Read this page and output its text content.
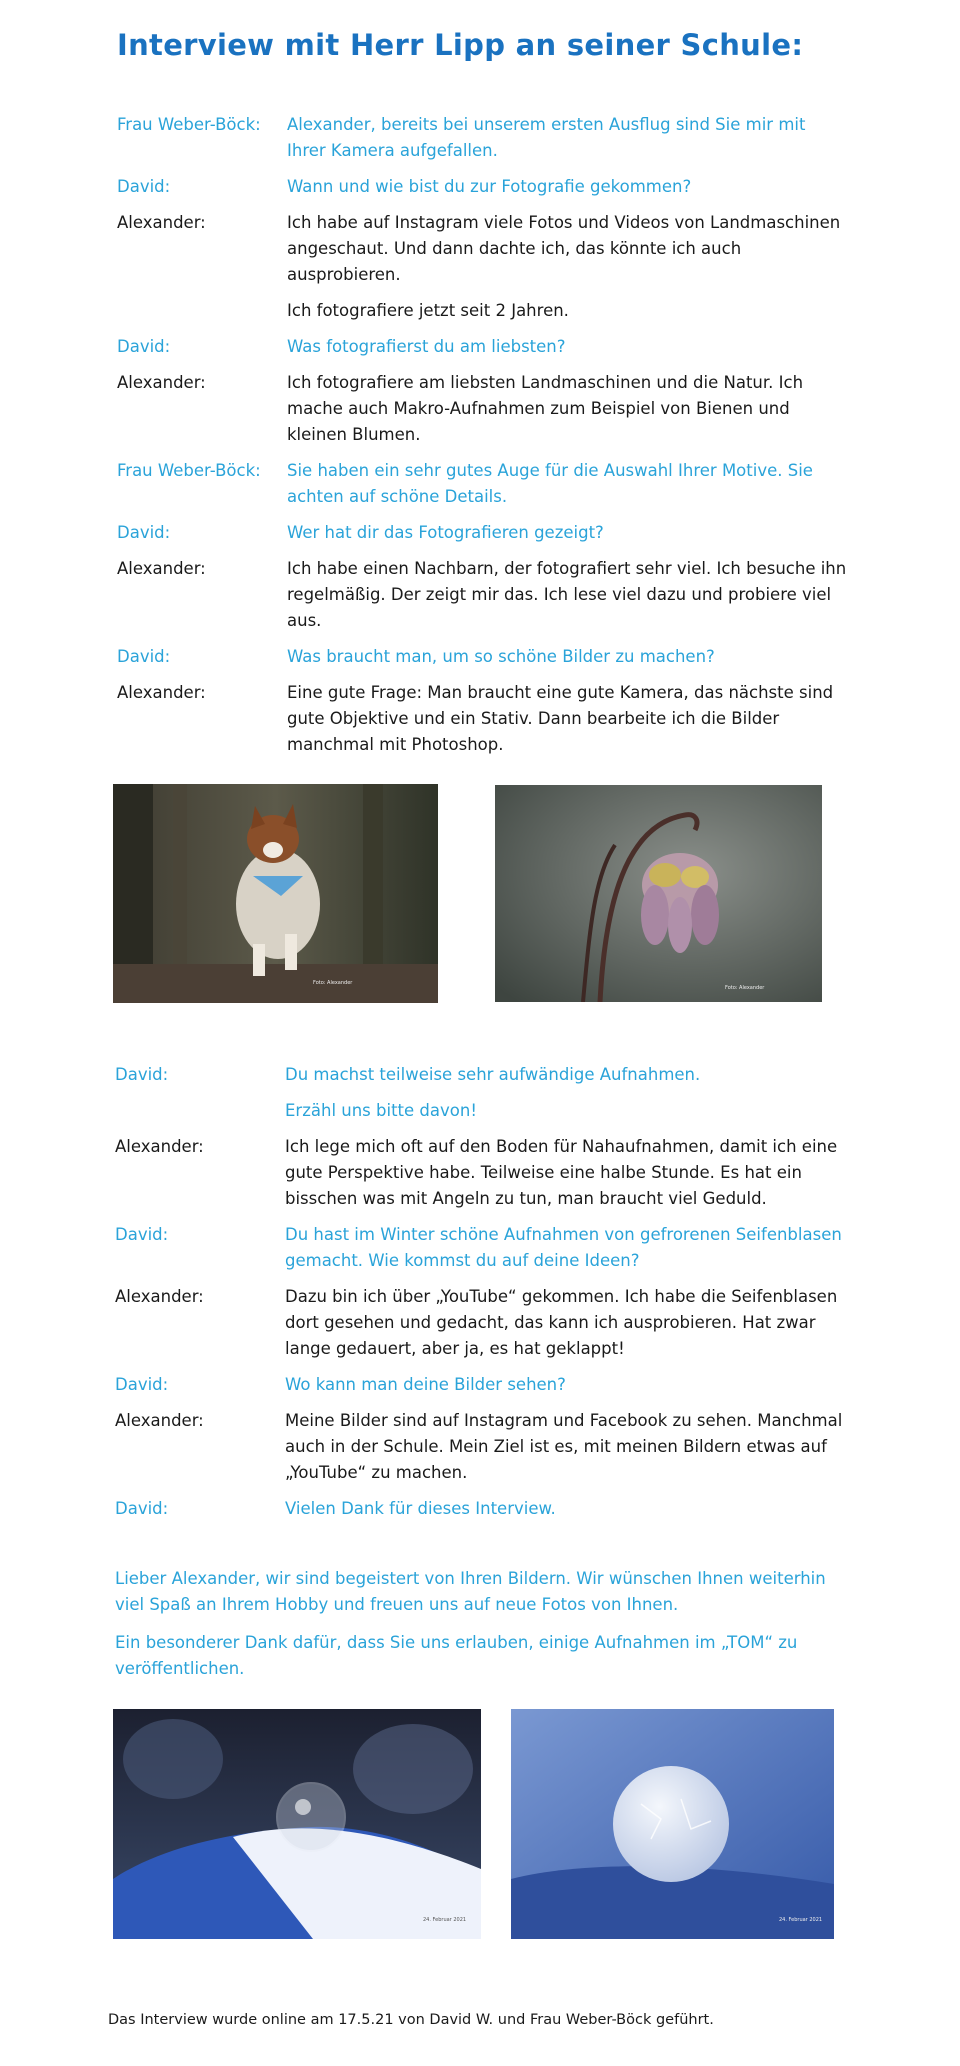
Interview mit Herr Lipp an seiner Schule:
Frau Weber-Böck:	Alexander, bereits bei unserem ersten Ausflug sind Sie mir mit Ihrer Kamera aufgefallen.
David:	Wann und wie bist du zur Fotografie gekommen?
Alexander:	Ich habe auf Instagram viele Fotos und Videos von Landmaschinen angeschaut. Und dann dachte ich, das könnte ich auch ausprobieren.
Ich fotografiere jetzt seit 2 Jahren.
David:	Was fotografierst du am liebsten?
Alexander:	Ich fotografiere am liebsten Landmaschinen und die Natur. Ich mache auch Makro-Aufnahmen zum Beispiel von Bienen und kleinen Blumen.
Frau Weber-Böck:	Sie haben ein sehr gutes Auge für die Auswahl Ihrer Motive. Sie achten auf schöne Details.
David:	Wer hat dir das Fotografieren gezeigt?
Alexander:	Ich habe einen Nachbarn, der fotografiert sehr viel. Ich besuche ihn regelmäßig. Der zeigt mir das. Ich lese viel dazu und probiere viel aus.
David:	Was braucht man, um so schöne Bilder zu machen?
Alexander:	Eine gute Frage: Man braucht eine gute Kamera, das nächste sind gute Objektive und ein Stativ. Dann bearbeite ich die Bilder manchmal mit Photoshop.
Foto: Alexander
Foto: Alexander
David:	Du machst teilweise sehr aufwändige Aufnahmen.
Erzähl uns bitte davon!
Alexander:	Ich lege mich oft auf den Boden für Nahaufnahmen, damit ich eine gute Perspektive habe. Teilweise eine halbe Stunde. Es hat ein bisschen was mit Angeln zu tun, man braucht viel Geduld.
David:	Du hast im Winter schöne Aufnahmen von gefrorenen Seifenblasen gemacht. Wie kommst du auf deine Ideen?
Alexander:	Dazu bin ich über „YouTube“ gekommen. Ich habe die Seifenblasen dort gesehen und gedacht, das kann ich ausprobieren. Hat zwar lange gedauert, aber ja, es hat geklappt!
David:	Wo kann man deine Bilder sehen?
Alexander:	Meine Bilder sind auf Instagram und Facebook zu sehen. Manchmal auch in der Schule. Mein Ziel ist es, mit meinen Bildern etwas auf „YouTube“ zu machen.
David:	Vielen Dank für dieses Interview.

Lieber Alexander, wir sind begeistert von Ihren Bildern. Wir wünschen Ihnen weiterhin viel Spaß an Ihrem Hobby und freuen uns auf neue Fotos von Ihnen.

Ein besonderer Dank dafür, dass Sie uns erlauben, einige Aufnahmen im „TOM“ zu veröffentlichen.

24. Februar 2021	24. Februar 2021
Das Interview wurde online am 17.5.21 von David W. und Frau Weber-Böck geführt.
